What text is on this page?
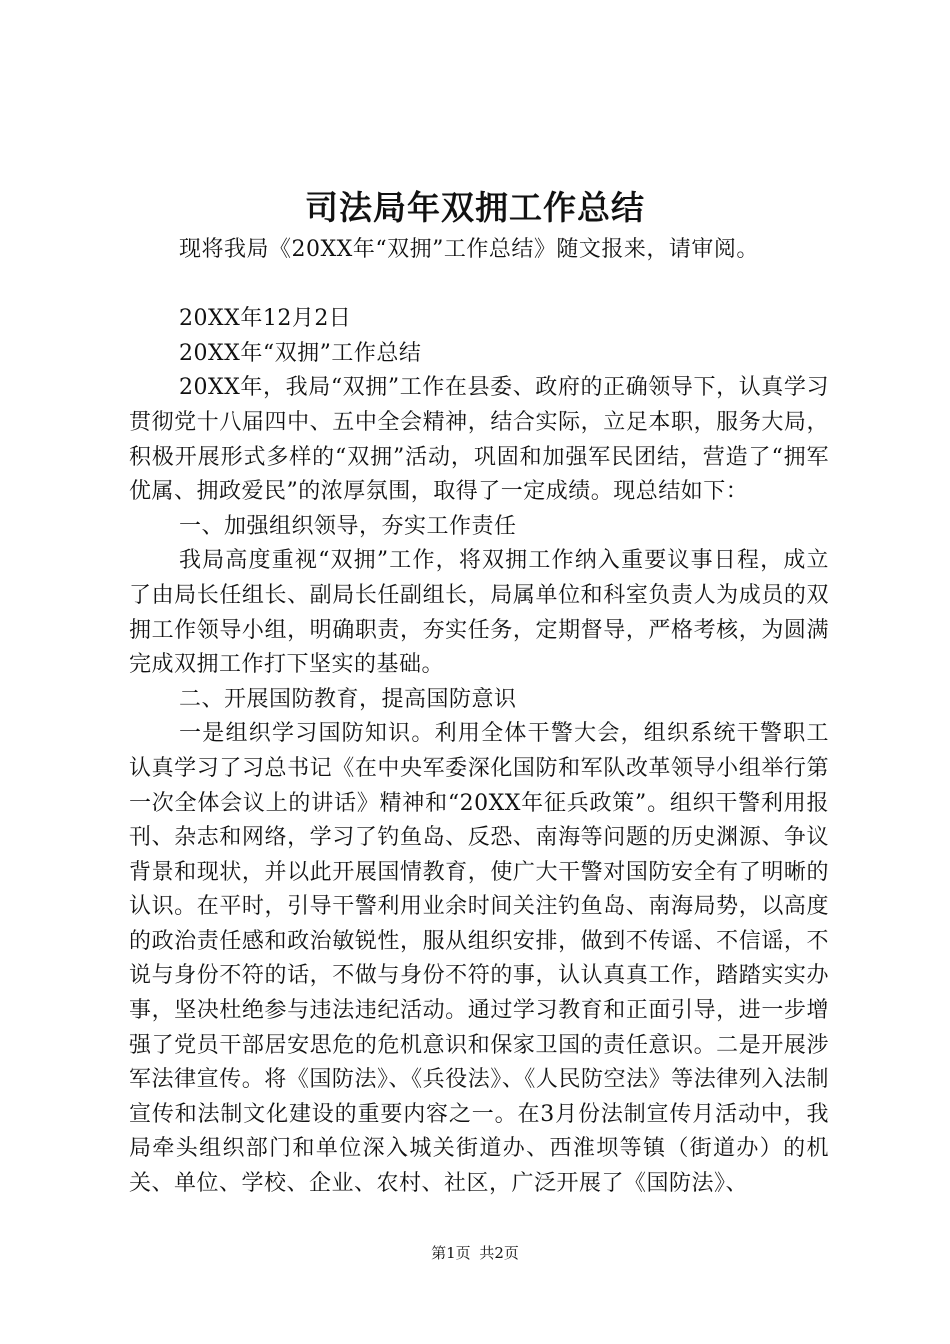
司法局年双拥工作总结

现将我局《20XX年“双拥”工作总结》随文报来，请审阅。

20XX年12月2日

20XX年“双拥”工作总结

20XX年，我局“双拥”工作在县委、政府的正确领导下，认真学习贯彻党十八届四中、五中全会精神，结合实际，立足本职，服务大局，积极开展形式多样的“双拥”活动，巩固和加强军民团结，营造了“拥军优属、拥政爱民”的浓厚氛围，取得了一定成绩。现总结如下：

一、加强组织领导，夯实工作责任

我局高度重视“双拥”工作，将双拥工作纳入重要议事日程，成立了由局长任组长、副局长任副组长，局属单位和科室负责人为成员的双拥工作领导小组，明确职责，夯实任务，定期督导，严格考核，为圆满完成双拥工作打下坚实的基础。

二、开展国防教育，提高国防意识

一是组织学习国防知识。利用全体干警大会，组织系统干警职工认真学习了习总书记《在中央军委深化国防和军队改革领导小组举行第一次全体会议上的讲话》精神和“20XX年征兵政策”。组织干警利用报刊、杂志和网络，学习了钓鱼岛、反恐、南海等问题的历史渊源、争议背景和现状，并以此开展国情教育，使广大干警对国防安全有了明晰的认识。在平时，引导干警利用业余时间关注钓鱼岛、南海局势，以高度的政治责任感和政治敏锐性，服从组织安排，做到不传谣、不信谣，不说与身份不符的话，不做与身份不符的事，认认真真工作，踏踏实实办事，坚决杜绝参与违法违纪活动。通过学习教育和正面引导，进一步增强了党员干部居安思危的危机意识和保家卫国的责任意识。二是开展涉军法律宣传。将《国防法》、《兵役法》、《人民防空法》等法律列入法制宣传和法制文化建设的重要内容之一。在3月份法制宣传月活动中，我局牵头组织部门和单位深入城关街道办、西淮坝等镇（街道办）的机关、单位、学校、企业、农村、社区，广泛开展了《国防法》、

第1页 共2页
